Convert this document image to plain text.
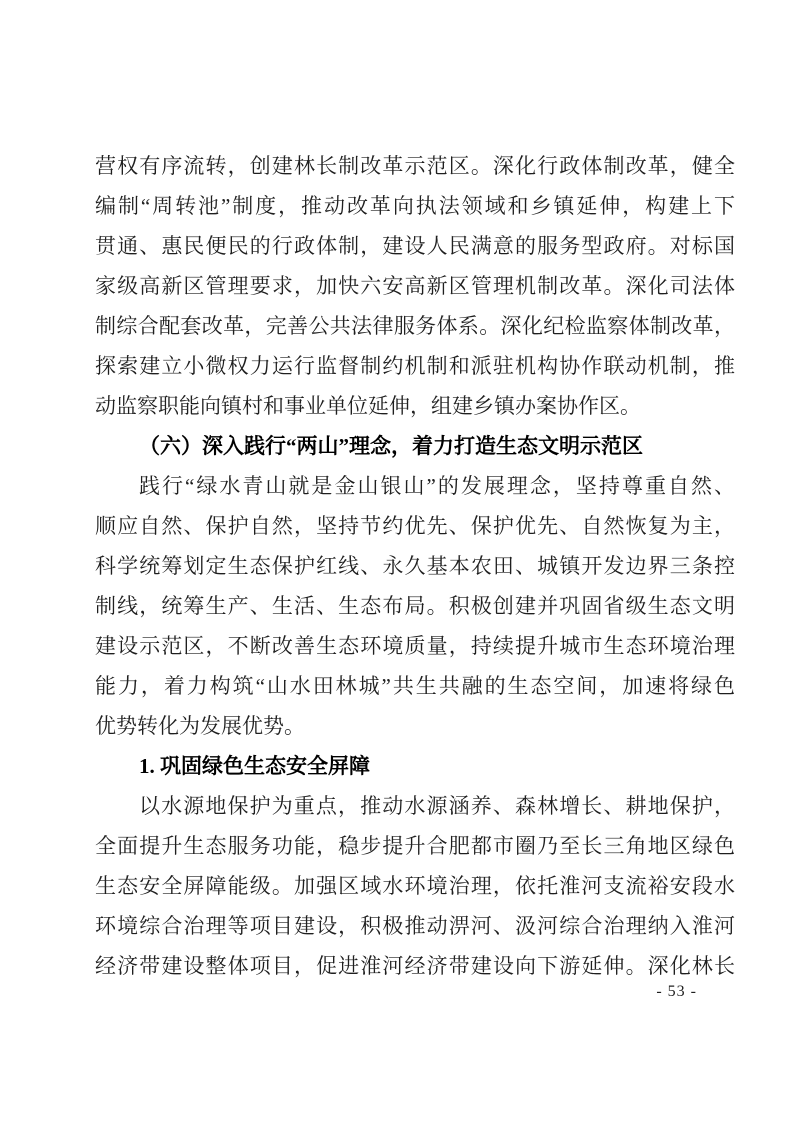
营权有序流转，创建林长制改革示范区。深化行政体制改革，健全
编制“周转池”制度，推动改革向执法领域和乡镇延伸，构建上下
贯通、惠民便民的行政体制，建设人民满意的服务型政府。对标国
家级高新区管理要求，加快六安高新区管理机制改革。深化司法体
制综合配套改革，完善公共法律服务体系。深化纪检监察体制改革，
探索建立小微权力运行监督制约机制和派驻机构协作联动机制，推
动监察职能向镇村和事业单位延伸，组建乡镇办案协作区。
（六）深入践行“两山”理念，着力打造生态文明示范区
践行“绿水青山就是金山银山”的发展理念，坚持尊重自然、
顺应自然、保护自然，坚持节约优先、保护优先、自然恢复为主，
科学统筹划定生态保护红线、永久基本农田、城镇开发边界三条控
制线，统筹生产、生活、生态布局。积极创建并巩固省级生态文明
建设示范区，不断改善生态环境质量，持续提升城市生态环境治理
能力，着力构筑“山水田林城”共生共融的生态空间，加速将绿色
优势转化为发展优势。
1. 巩固绿色生态安全屏障
以水源地保护为重点，推动水源涵养、森林增长、耕地保护，
全面提升生态服务功能，稳步提升合肥都市圈乃至长三角地区绿色
生态安全屏障能级。加强区域水环境治理，依托淮河支流裕安段水
环境综合治理等项目建设，积极推动淠河、汲河综合治理纳入淮河
经济带建设整体项目，促进淮河经济带建设向下游延伸。深化林长
- 53 -
